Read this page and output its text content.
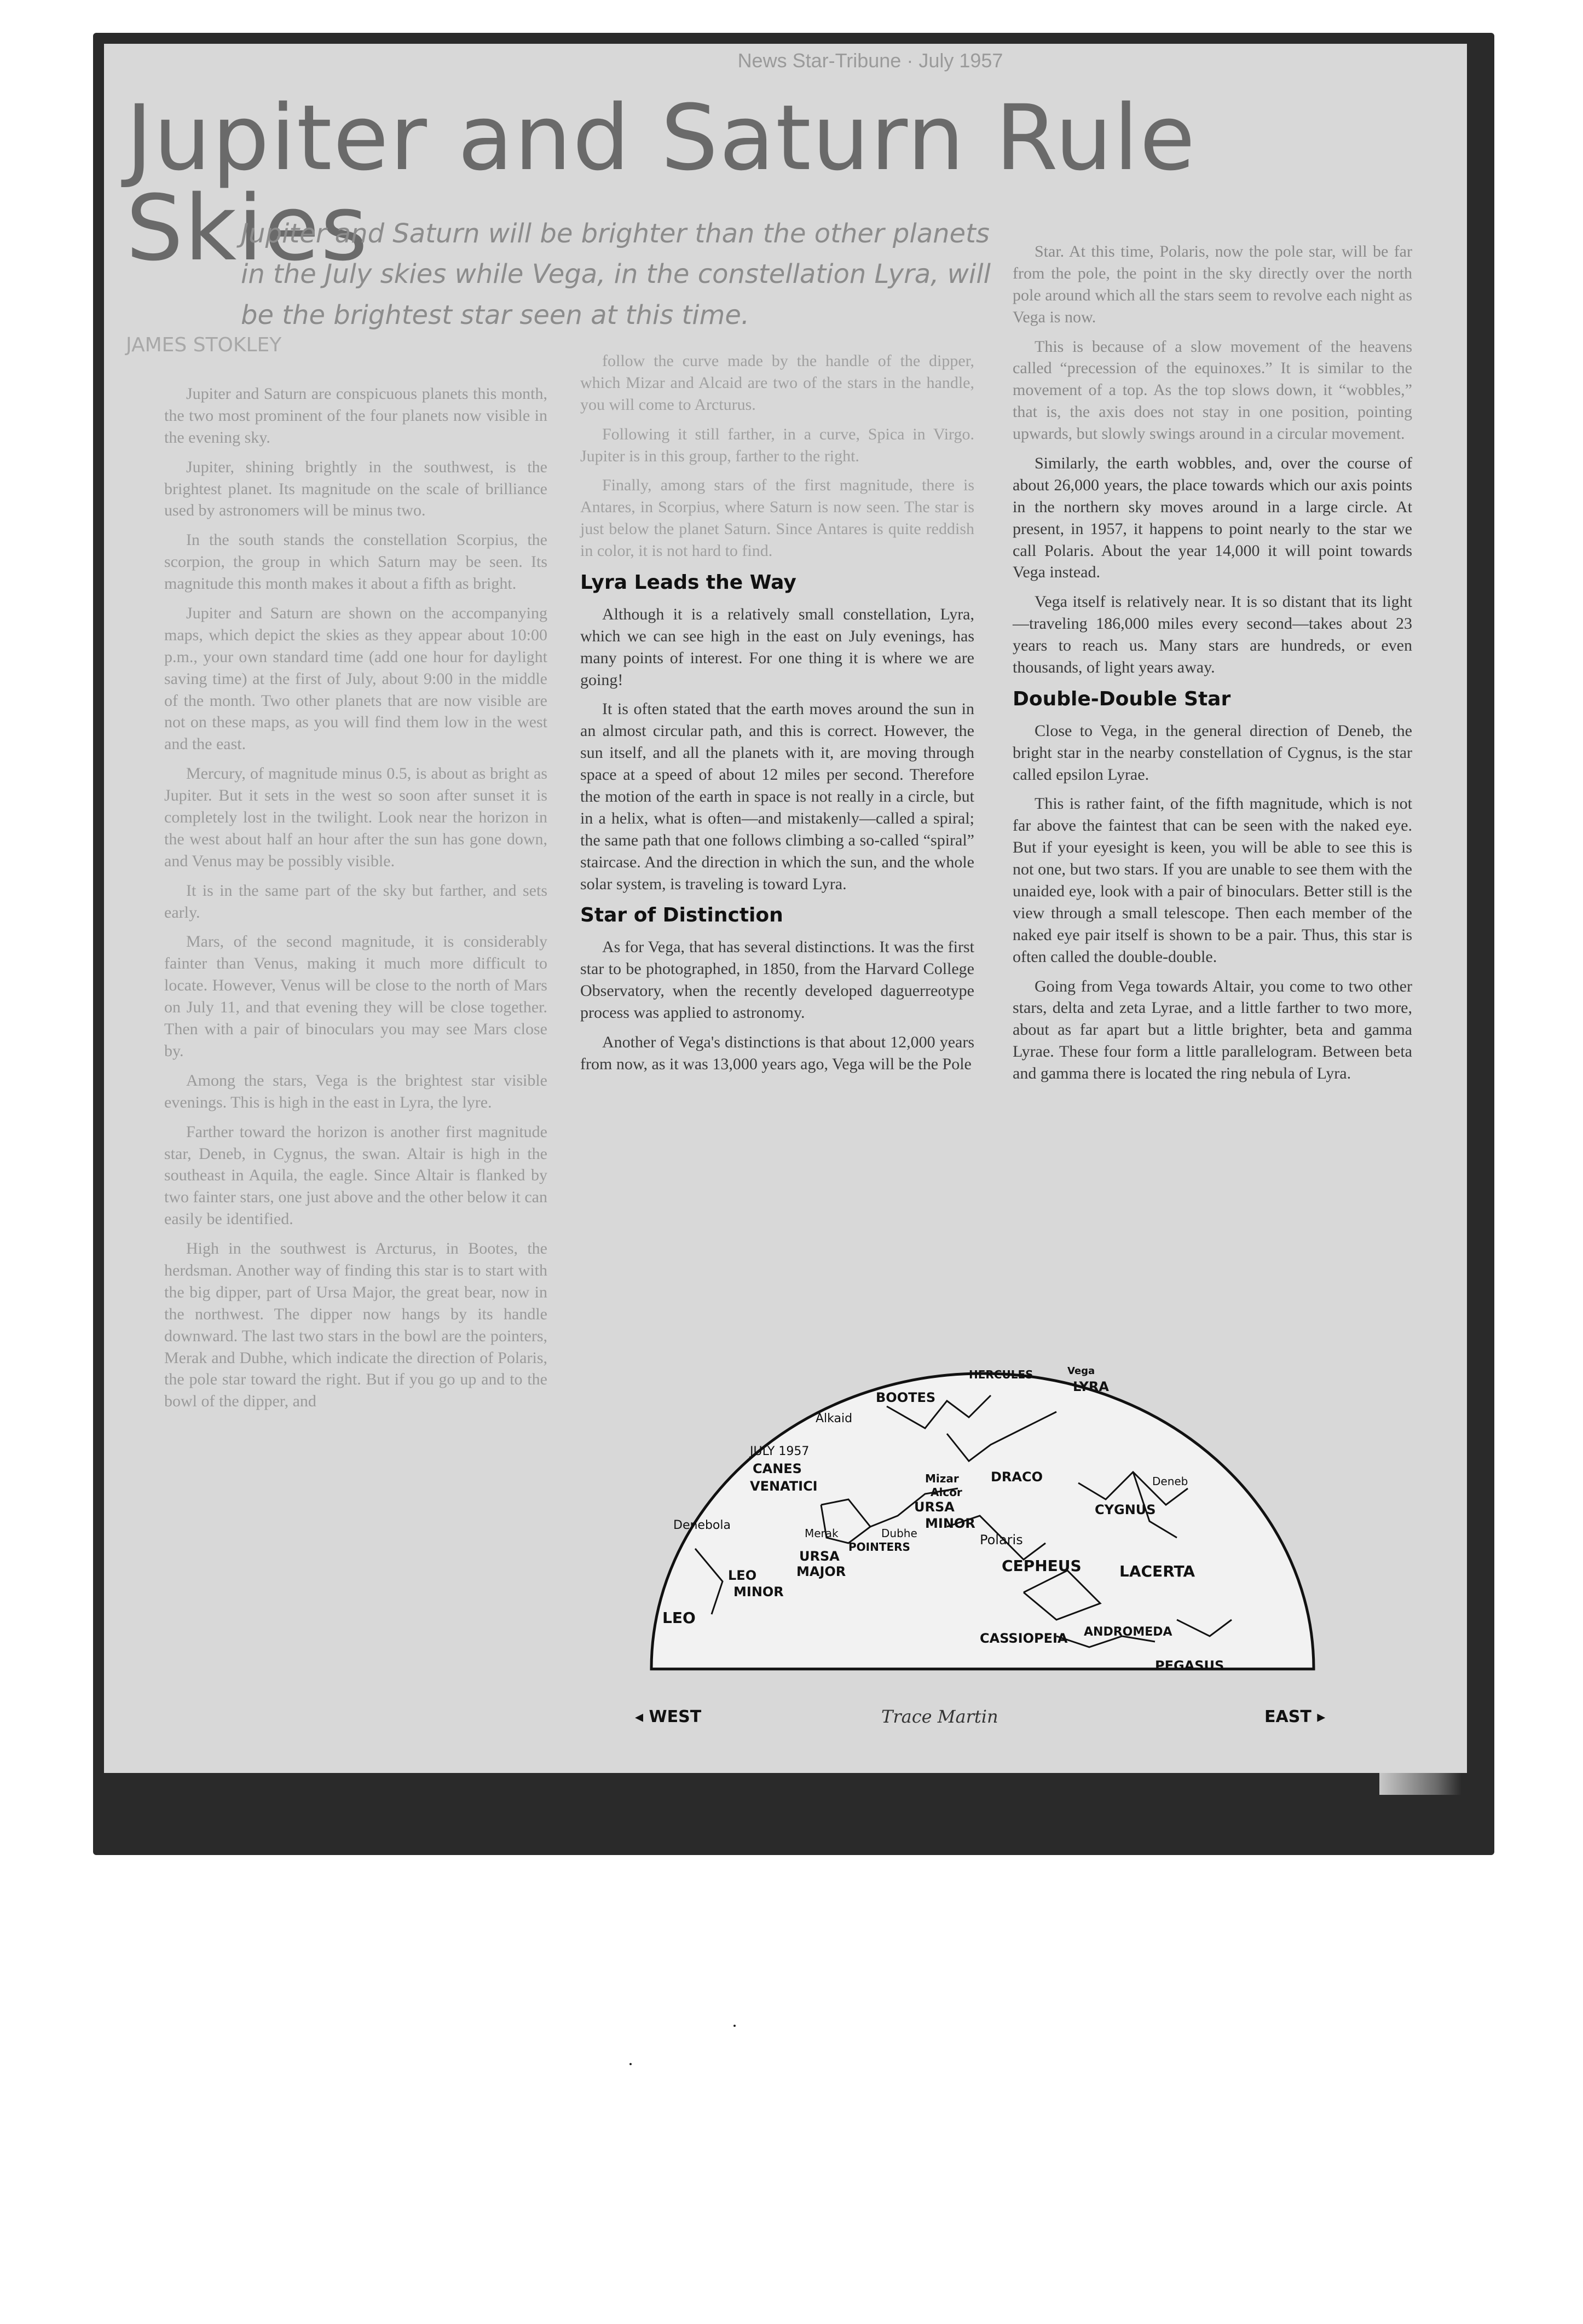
News Star-Tribune · July 1957
Jupiter and Saturn Rule Skies
Jupiter and Saturn will be brighter than the other planets in the July skies while Vega, in the constellation Lyra, will be the brightest star seen at this time.
JAMES STOKLEY

Jupiter and Saturn are conspicuous planets this month, the two most prominent of the four planets now visible in the evening sky.

Jupiter, shining brightly in the southwest, is the brightest planet. Its magnitude on the scale of brilliance used by astronomers will be minus two.

In the south stands the constellation Scorpius, the scorpion, the group in which Saturn may be seen. Its magnitude this month makes it about a fifth as bright.

Jupiter and Saturn are shown on the accompanying maps, which depict the skies as they appear about 10:00 p.m., your own standard time (add one hour for daylight saving time) at the first of July, about 9:00 in the middle of the month. Two other planets that are now visible are not on these maps, as you will find them low in the west and the east.

Mercury, of magnitude minus 0.5, is about as bright as Jupiter. But it sets in the west so soon after sunset it is completely lost in the twilight. Look near the horizon in the west about half an hour after the sun has gone down, and Venus may be possibly visible.

It is in the same part of the sky but farther, and sets early.

Mars, of the second magnitude, it is considerably fainter than Venus, making it much more difficult to locate. However, Venus will be close to the north of Mars on July 11, and that evening they will be close together. Then with a pair of binoculars you may see Mars close by.

Among the stars, Vega is the brightest star visible evenings. This is high in the east in Lyra, the lyre.

Farther toward the horizon is another first magnitude star, Deneb, in Cygnus, the swan. Altair is high in the southeast in Aquila, the eagle. Since Altair is flanked by two fainter stars, one just above and the other below it can easily be identified.

High in the southwest is Arcturus, in Bootes, the herdsman. Another way of finding this star is to start with the big dipper, part of Ursa Major, the great bear, now in the northwest. The dipper now hangs by its handle downward. The last two stars in the bowl are the pointers, Merak and Dubhe, which indicate the direction of Polaris, the pole star toward the right. But if you go up and to the bowl of the dipper, and

follow the curve made by the handle of the dipper, which Mizar and Alcaid are two of the stars in the handle, you will come to Arcturus.

Following it still farther, in a curve, Spica in Virgo. Jupiter is in this group, farther to the right.

Finally, among stars of the first magnitude, there is Antares, in Scorpius, where Saturn is now seen. The star is just below the planet Saturn. Since Antares is quite reddish in color, it is not hard to find.

Lyra Leads the Way

Although it is a relatively small constellation, Lyra, which we can see high in the east on July evenings, has many points of interest. For one thing it is where we are going!

It is often stated that the earth moves around the sun in an almost circular path, and this is correct. However, the sun itself, and all the planets with it, are moving through space at a speed of about 12 miles per second. Therefore the motion of the earth in space is not really in a circle, but in a helix, what is often—and mistakenly—called a spiral; the same path that one follows climbing a so-called “spiral” staircase. And the direction in which the sun, and the whole solar system, is traveling is toward Lyra.

Star of Distinction

As for Vega, that has several distinctions. It was the first star to be photographed, in 1850, from the Harvard College Observatory, when the recently developed daguerreotype process was applied to astronomy.

Another of Vega's distinctions is that about 12,000 years from now, as it was 13,000 years ago, Vega will be the Pole

Star. At this time, Polaris, now the pole star, will be far from the pole, the point in the sky directly over the north pole around which all the stars seem to revolve each night as Vega is now.

This is because of a slow movement of the heavens called “precession of the equinoxes.” It is similar to the movement of a top. As the top slows down, it “wobbles,” that is, the axis does not stay in one position, pointing upwards, but slowly swings around in a circular movement.

Similarly, the earth wobbles, and, over the course of about 26,000 years, the place towards which our axis points in the northern sky moves around in a large circle. At present, in 1957, it happens to point nearly to the star we call Polaris. About the year 14,000 it will point towards Vega instead.

Vega itself is relatively near. It is so distant that its light—traveling 186,000 miles every second—takes about 23 years to reach us. Many stars are hundreds, or even thousands, of light years away.

Double-Double Star

Close to Vega, in the general direction of Deneb, the bright star in the nearby constellation of Cygnus, is the star called epsilon Lyrae.

This is rather faint, of the fifth magnitude, which is not far above the faintest that can be seen with the naked eye. But if your eyesight is keen, you will be able to see this is not one, but two stars. If you are unable to see them with the unaided eye, look with a pair of binoculars. Better still is the view through a small telescope. Then each member of the naked eye pair itself is shown to be a pair. Thus, this star is often called the double-double.

Going from Vega towards Altair, you come to two other stars, delta and zeta Lyrae, and a little farther to two more, about as far apart but a little brighter, beta and gamma Lyrae. These four form a little parallelogram. Between beta and gamma there is located the ring nebula of Lyra.

BOOTES
HERCULES	Vega
LYRA
Alkaid
JULY 1957
CANES
VENATICI	Mizar
Alcor
DRACO	Deneb
CYGNUS
URSA
MINOR
Polaris
Merak	Dubhe
POINTERS
URSA
MAJOR
Denebola
LEO
MINOR
LEO
CEPHEUS LACERTA
CASSIOPEIA ANDROMEDA
PEGASUS
◂ WEST	Trace Martin	EAST ▸
